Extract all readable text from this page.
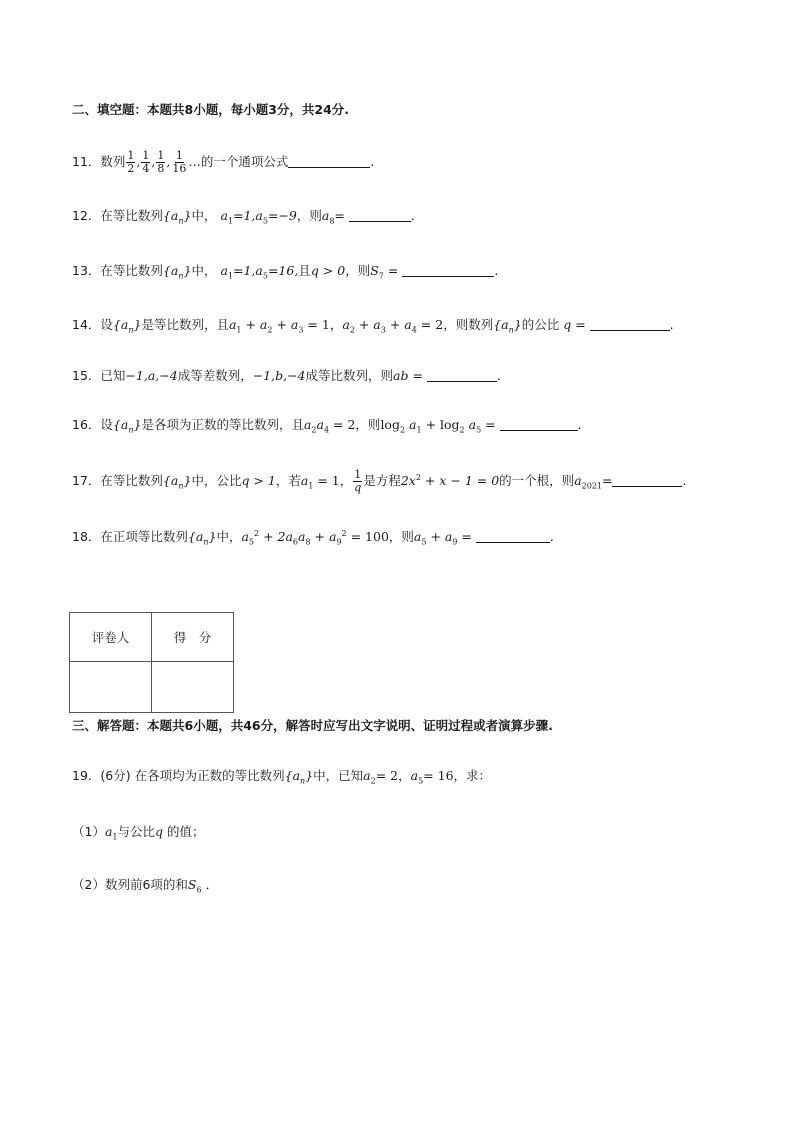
二、填空题：本题共8小题，每小题3分，共24分.
11．数列 $\frac{1}{2}$ , $\frac{1}{4}$ , $\frac{1}{8}$ , $\frac{1}{16}$ …的一个通项公式	.
12．在等比数列$\{a_n\}$中， $a_1=1,a_5=-9$，则$a_8=$	.
13．在等比数列$\{a_n\}$中， $a_1=1,a_5=16$,且q > 0，则$S_7$ =	.
14．设$\{a_n\}$是等比数列，且$a_1 + a_2 + a_3 = 1$，$a_2 + a_3 + a_4 = 2$，则数列$\{a_n\}$的公比 q =	.
15．已知−1,a,−4成等差数列，−1,b,−4成等比数列，则ab =	.
16．设$\{a_n\}$是各项为正数的等比数列，且$a_2a_4 = 2$，则$\log_2 a_1 + \log_2 a_5$ =	.
17．在等比数列$\{a_n\}$中，公比q > 1，若$a_1 = 1$， $\frac{1}{q}$ 是方程$2x^2 + x - 1 = 0$的一个根，则$a_{2021}=$	.
18．在正项等比数列$\{a_n\}$中，$a_5^2 + 2a_6a_8 + a_9^2 = 100$，则$a_5 + a_9$ =	.
评卷人	得　分

三、解答题：本题共6小题，共46分，解答时应写出文字说明、证明过程或者演算步骤.
19．(6分) 在各项均为正数的等比数列$\{a_n\}$中，已知$a_2= 2$，$a_5= 16$，求：
$(1)a_1$与公比q 的值；
（2）数列前6项的和$S_6$ ．
